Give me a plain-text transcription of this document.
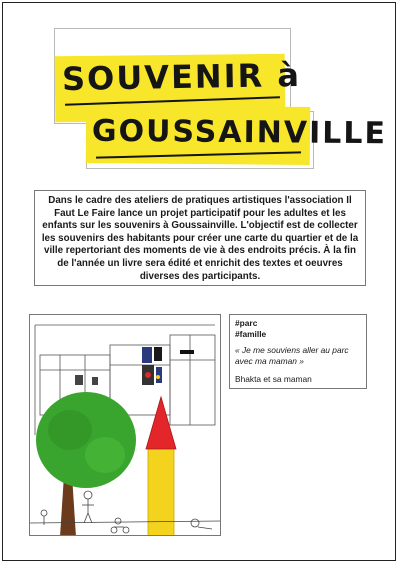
SOUVENIR à
GOUSSAINVILLE
Dans le cadre des ateliers de pratiques artistiques l'association Il Faut Le Faire lance un projet participatif pour les adultes et les enfants sur les souvenirs à Goussainville. L'objectif est de collecter les souvenirs des habitants pour créer une carte du quartier et de la ville repertoriant des moments de vie à des endroits précis. À la fin de l'année un livre sera édité et enrichit des textes et oeuvres diverses des participants.
#parc
#famille
« Je me souviens aller au parc avec ma maman »
Bhakta et sa maman
